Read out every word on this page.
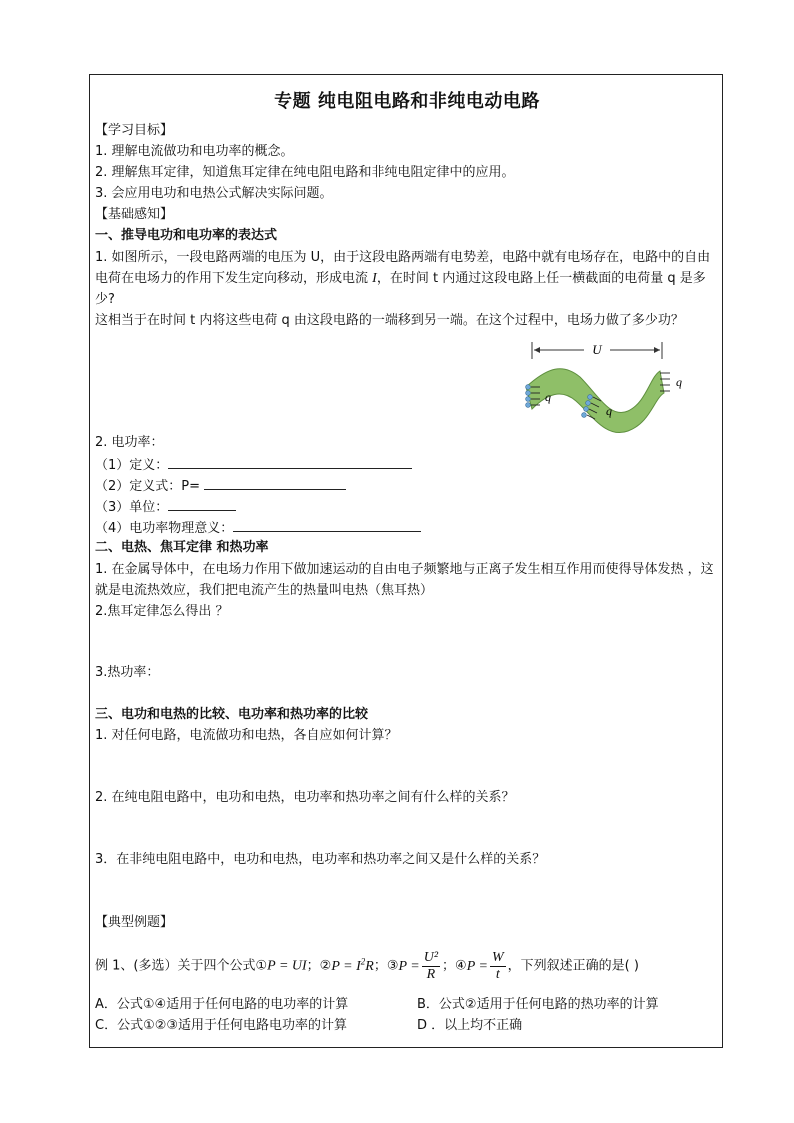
专题 纯电阻电路和非纯电动电路
【学习目标】
1. 理解电流做功和电功率的概念。
2. 理解焦耳定律，知道焦耳定律在纯电阻电路和非纯电阻定律中的应用。
3. 会应用电功和电热公式解决实际问题。
【基础感知】
一、推导电功和电功率的表达式
1. 如图所示，一段电路两端的电压为 U，由于这段电路两端有电势差，电路中就有电场存在，电路中的自由电荷在电场力的作用下发生定向移动，形成电流 I，在时间 t 内通过这段电路上任一横截面的电荷量 q 是多少?
这相当于在时间 t 内将这些电荷 q 由这段电路的一端移到另一端。在这个过程中，电场力做了多少功？
U
q
q
q
2. 电功率：
（1）定义：
（2）定义式：P=
（3）单位：
（4）电功率物理意义：
二、电热、焦耳定律 和热功率
1. 在金属导体中，在电场力作用下做加速运动的自由电子频繁地与正离子发生相互作用而使得导体发热 ，这就是电流热效应，我们把电流产生的热量叫电热（焦耳热）
2.焦耳定律怎么得出 ？
3.热功率：
三、电功和电热的比较、电功率和热功率的比较
1. 对任何电路，电流做功和电热，各自应如何计算？
2. 在纯电阻电路中，电功和电热，电功率和热功率之间有什么样的关系？
3．在非纯电阻电路中，电功和电热，电功率和热功率之间又是什么样的关系？
【典型例题】
例 1、(多选）关于四个公式①P = UI；②P = $I^2R$；③P = $\frac{\text{U²}}{R}$ ；④P = $\frac{W}{t}$ ，下列叙述正确的是( )
A．公式①④适用于任何电路的电功率的计算	B．公式②适用于任何电路的热功率的计算
C．公式①②③适用于任何电路电功率的计算	D ．以上均不正确
